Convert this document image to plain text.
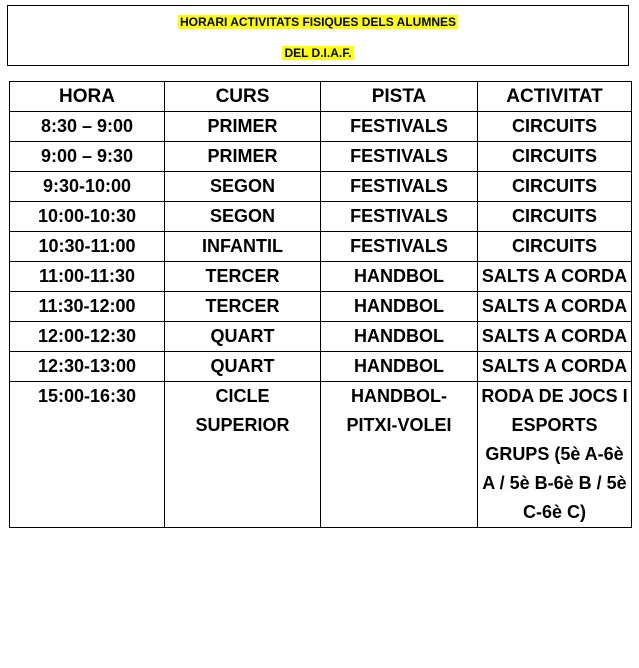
HORARI ACTIVITATS FISIQUES DELS ALUMNES
DEL D.I.A.F.
HORA	CURS	PISTA	ACTIVITAT
8:30 – 9:00	PRIMER	FESTIVALS	CIRCUITS
9:00 – 9:30	PRIMER	FESTIVALS	CIRCUITS
9:30-10:00	SEGON	FESTIVALS	CIRCUITS
10:00-10:30	SEGON	FESTIVALS	CIRCUITS
10:30-11:00	INFANTIL	FESTIVALS	CIRCUITS
11:00-11:30	TERCER	HANDBOL	SALTS A CORDA
11:30-12:00	TERCER	HANDBOL	SALTS A CORDA
12:00-12:30	QUART	HANDBOL	SALTS A CORDA
12:30-13:00	QUART	HANDBOL	SALTS A CORDA
15:00-16:30	CICLE SUPERIOR	HANDBOL- PITXI-VOLEI	RODA DE JOCS I ESPORTS GRUPS (5è A-6è A / 5è B-6è B / 5è C-6è C)
